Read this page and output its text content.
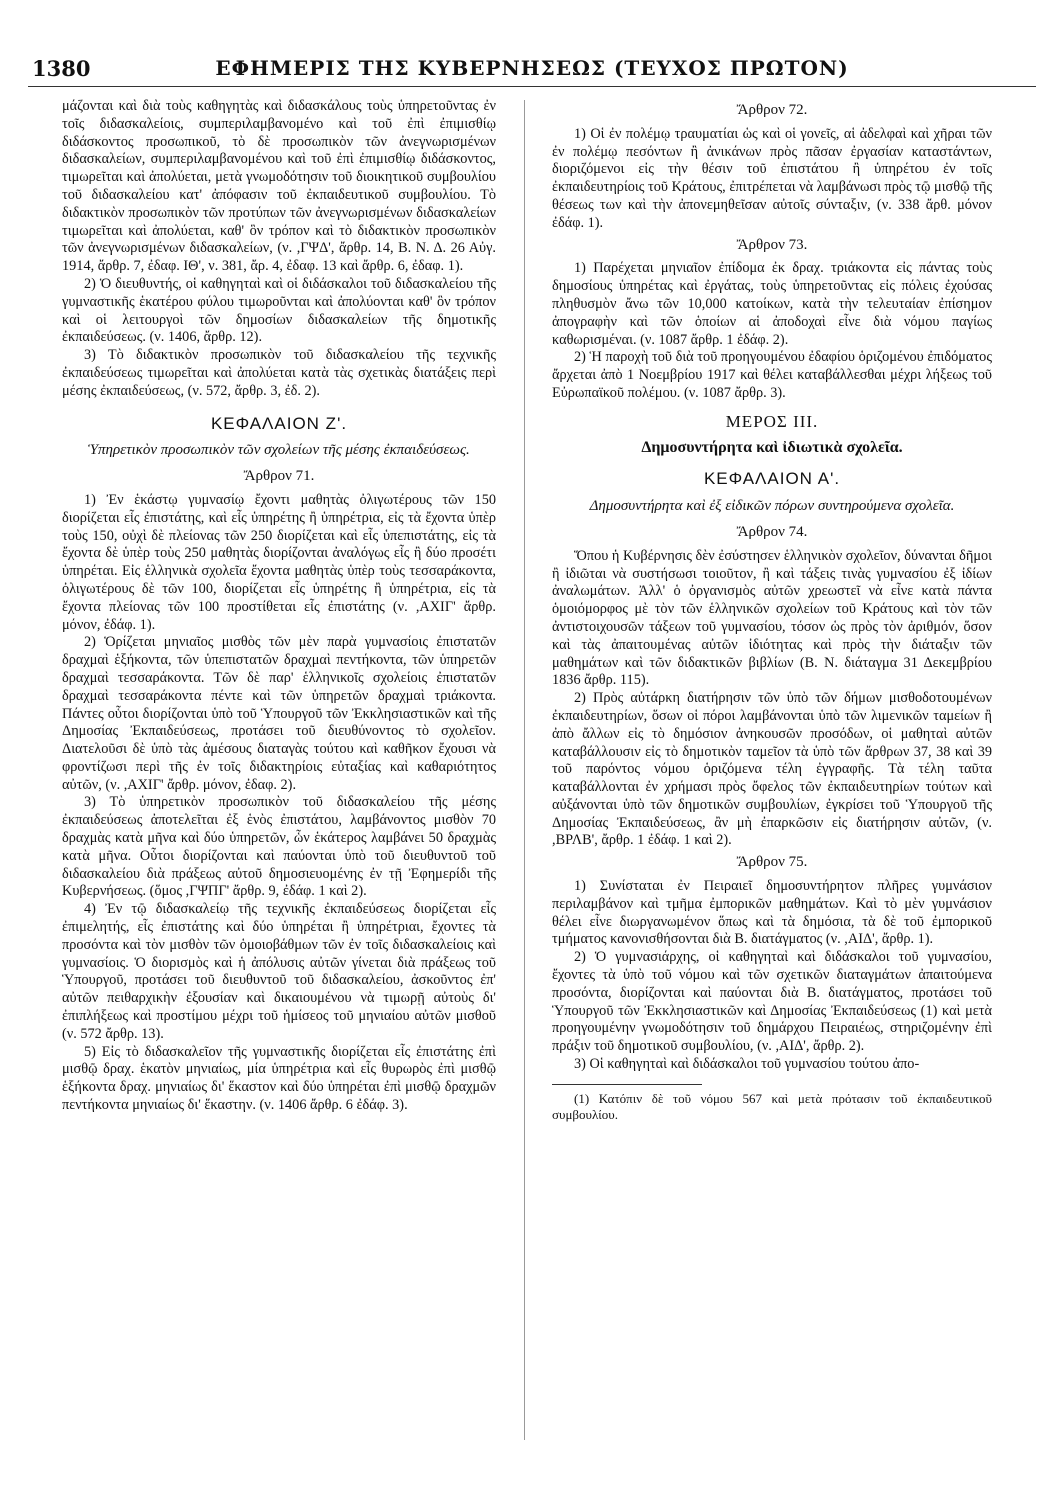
1380	ΕΦΗΜΕΡΙΣ ΤΗΣ ΚΥΒΕΡΝΗΣΕΩΣ (ΤΕΥΧΟΣ ΠΡΩΤΟΝ)

μάζονται καὶ διὰ τοὺς καθηγητὰς καὶ διδασκάλους τοὺς ὑπηρετοῦντας ἐν τοῖς διδασκαλείοις, συμπεριλαμβανομένο καὶ τοῦ ἐπὶ ἐπιμισθίῳ διδάσκοντος προσωπικοῦ, τὸ δὲ προσωπικὸν τῶν ἀνεγνωρισμένων διδασκαλείων, συμπεριλαμβανομένου καὶ τοῦ ἐπὶ ἐπιμισθίῳ διδάσκοντος, τιμωρεῖται καὶ ἀπολύεται, μετὰ γνωμοδότησιν τοῦ διοικητικοῦ συμβουλίου τοῦ διδασκαλείου κατ' ἀπόφασιν τοῦ ἐκπαιδευτικοῦ συμβουλίου. Τὸ διδακτικὸν προσωπικὸν τῶν προτύπων τῶν ἀνεγνωρισμένων διδασκαλείων τιμωρεῖται καὶ ἀπολύεται, καθ' ὃν τρόπον καὶ τὸ διδακτικὸν προσωπικὸν τῶν ἀνεγνωρισμένων διδασκαλείων, (ν. ,ΓΨΔ', ἄρθρ. 14, Β. Ν. Δ. 26 Αὐγ. 1914, ἄρθρ. 7, ἐδαφ. ΙΘ', ν. 381, ἄρ. 4, ἐδαφ. 13 καὶ ἄρθρ. 6, ἐδαφ. 1).

2) Ὁ διευθυντής, οἱ καθηγηταὶ καὶ οἱ διδάσκαλοι τοῦ διδασκαλείου τῆς γυμναστικῆς ἑκατέρου φύλου τιμωροῦνται καὶ ἀπολύονται καθ' ὃν τρόπον καὶ οἱ λειτουργοὶ τῶν δημοσίων διδασκαλείων τῆς δημοτικῆς ἐκπαιδεύσεως. (ν. 1406, ἄρθρ. 12).

3) Τὸ διδακτικὸν προσωπικὸν τοῦ διδασκαλείου τῆς τεχνικῆς ἐκπαιδεύσεως τιμωρεῖται καὶ ἀπολύεται κατὰ τὰς σχετικὰς διατάξεις περὶ μέσης ἐκπαιδεύσεως, (ν. 572, ἄρθρ. 3, ἐδ. 2).

ΚΕΦΑΛΑΙΟΝ Ζ'.
Ὑπηρετικὸν προσωπικὸν τῶν σχολείων τῆς μέσης ἐκπαιδεύσεως.
Ἄρθρον 71.

1) Ἐν ἑκάστῳ γυμνασίῳ ἔχοντι μαθητὰς ὀλιγωτέρους τῶν 150 διορίζεται εἷς ἐπιστάτης, καὶ εἷς ὑπηρέτης ἢ ὑπηρέτρια, εἰς τὰ ἔχοντα ὑπὲρ τοὺς 150, οὐχὶ δὲ πλείονας τῶν 250 διορίζεται καὶ εἷς ὑπεπιστάτης, εἰς τὰ ἔχοντα δὲ ὑπὲρ τοὺς 250 μαθητὰς διορίζονται ἀναλόγως εἷς ἢ δύο προσέτι ὑπηρέται. Εἰς ἑλληνικὰ σχολεῖα ἔχοντα μαθητὰς ὑπὲρ τοὺς τεσσαράκοντα, ὀλιγωτέρους δὲ τῶν 100, διορίζεται εἷς ὑπηρέτης ἢ ὑπηρέτρια, εἰς τὰ ἔχοντα πλείονας τῶν 100 προστίθεται εἷς ἐπιστάτης (ν. ,ΑΧΙΓ' ἄρθρ. μόνον, ἐδάφ. 1).

2) Ὁρίζεται μηνιαῖος μισθὸς τῶν μὲν παρὰ γυμνασίοις ἐπιστατῶν δραχμαὶ ἑξήκοντα, τῶν ὑπεπιστατῶν δραχμαὶ πεντήκοντα, τῶν ὑπηρετῶν δραχμαὶ τεσσαράκοντα. Τῶν δὲ παρ' ἑλληνικοῖς σχολείοις ἐπιστατῶν δραχμαὶ τεσσαράκοντα πέντε καὶ τῶν ὑπηρετῶν δραχμαὶ τριάκοντα. Πάντες οὗτοι διορίζονται ὑπὸ τοῦ Ὑπουργοῦ τῶν Ἐκκλησιαστικῶν καὶ τῆς Δημοσίας Ἐκπαιδεύσεως, προτάσει τοῦ διευθύνοντος τὸ σχολεῖον. Διατελοῦσι δὲ ὑπὸ τὰς ἀμέσους διαταγὰς τούτου καὶ καθῆκον ἔχουσι νὰ φροντίζωσι περὶ τῆς ἐν τοῖς διδακτηρίοις εὐταξίας καὶ καθαριότητος αὐτῶν, (ν. ,ΑΧΙΓ' ἄρθρ. μόνον, ἐδαφ. 2).

3) Τὸ ὑπηρετικὸν προσωπικὸν τοῦ διδασκαλείου τῆς μέσης ἐκπαιδεύσεως ἀποτελεῖται ἐξ ἑνὸς ἐπιστάτου, λαμβάνοντος μισθὸν 70 δραχμὰς κατὰ μῆνα καὶ δύο ὑπηρετῶν, ὧν ἑκάτερος λαμβάνει 50 δραχμὰς κατὰ μῆνα. Οὗτοι διορίζονται καὶ παύονται ὑπὸ τοῦ διευθυντοῦ τοῦ διδασκαλείου διὰ πράξεως αὐτοῦ δημοσιευομένης ἐν τῇ Ἐφημερίδι τῆς Κυβερνήσεως. (ὅμος ,ΓΨΠΓ' ἄρθρ. 9, ἐδάφ. 1 καὶ 2).

4) Ἐν τῷ διδασκαλείῳ τῆς τεχνικῆς ἐκπαιδεύσεως διορίζεται εἷς ἐπιμελητής, εἷς ἐπιστάτης καὶ δύο ὑπηρέται ἢ ὑπηρέτριαι, ἔχοντες τὰ προσόντα καὶ τὸν μισθὸν τῶν ὁμοιοβάθμων τῶν ἐν τοῖς διδασκαλείοις καὶ γυμνασίοις. Ὁ διορισμὸς καὶ ἡ ἀπόλυσις αὐτῶν γίνεται διὰ πράξεως τοῦ Ὑπουργοῦ, προτάσει τοῦ διευθυντοῦ τοῦ διδασκαλείου, ἀσκοῦντος ἐπ' αὐτῶν πειθαρχικὴν ἐξουσίαν καὶ δικαιουμένου νὰ τιμωρῇ αὐτοὺς δι' ἐπιπλήξεως καὶ προστίμου μέχρι τοῦ ἡμίσεος τοῦ μηνιαίου αὐτῶν μισθοῦ (ν. 572 ἄρθρ. 13).

5) Εἰς τὸ διδασκαλεῖον τῆς γυμναστικῆς διορίζεται εἷς ἐπιστάτης ἐπὶ μισθῷ δραχ. ἑκατὸν μηνιαίως, μία ὑπηρέτρια καὶ εἷς θυρωρὸς ἐπὶ μισθῷ ἑξήκοντα δραχ. μηνιαίως δι' ἕκαστον καὶ δύο ὑπηρέται ἐπὶ μισθῷ δραχμῶν πεντήκοντα μηνιαίως δι' ἕκαστην. (ν. 1406 ἄρθρ. 6 ἐδάφ. 3).

Ἄρθρον 72.

1) Οἱ ἐν πολέμῳ τραυματίαι ὡς καὶ οἱ γονεῖς, αἱ ἀδελφαὶ καὶ χῆραι τῶν ἐν πολέμῳ πεσόντων ἢ ἀνικάνων πρὸς πᾶσαν ἐργασίαν καταστάντων, διοριζόμενοι εἰς τὴν θέσιν τοῦ ἐπιστάτου ἢ ὑπηρέτου ἐν τοῖς ἐκπαιδευτηρίοις τοῦ Κράτους, ἐπιτρέπεται νὰ λαμβάνωσι πρὸς τῷ μισθῷ τῆς θέσεως των καὶ τὴν ἀπονεμηθεῖσαν αὐτοῖς σύνταξιν, (ν. 338 ἄρθ. μόνον ἐδάφ. 1).

Ἄρθρον 73.

1) Παρέχεται μηνιαῖον ἐπίδομα ἐκ δραχ. τριάκοντα εἰς πάντας τοὺς δημοσίους ὑπηρέτας καὶ ἐργάτας, τοὺς ὑπηρετοῦντας εἰς πόλεις ἐχούσας πληθυσμὸν ἄνω τῶν 10,000 κατοίκων, κατὰ τὴν τελευταίαν ἐπίσημον ἀπογραφὴν καὶ τῶν ὁποίων αἱ ἀποδοχαὶ εἶνε διὰ νόμου παγίως καθωρισμέναι. (ν. 1087 ἄρθρ. 1 ἐδάφ. 2).

2) Ἡ παροχὴ τοῦ διὰ τοῦ προηγουμένου ἐδαφίου ὁριζομένου ἐπιδόματος ἄρχεται ἀπὸ 1 Νοεμβρίου 1917 καὶ θέλει καταβάλλεσθαι μέχρι λήξεως τοῦ Εὐρωπαϊκοῦ πολέμου. (ν. 1087 ἄρθρ. 3).

ΜΕΡΟΣ ΙΙΙ.
Δημοσυντήρητα καὶ ἰδιωτικὰ σχολεῖα.
ΚΕΦΑΛΑΙΟΝ Α'.
Δημοσυντήρητα καὶ ἐξ εἰδικῶν πόρων συντηρούμενα σχολεῖα.
Ἄρθρον 74.

Ὅπου ἡ Κυβέρνησις δὲν ἐσύστησεν ἑλληνικὸν σχολεῖον, δύνανται δῆμοι ἢ ἰδιῶται νὰ συστήσωσι τοιοῦτον, ἢ καὶ τάξεις τινὰς γυμνασίου ἐξ ἰδίων ἀναλωμάτων. Ἀλλ' ὁ ὀργανισμὸς αὐτῶν χρεωστεῖ νὰ εἶνε κατὰ πάντα ὁμοιόμορφος μὲ τὸν τῶν ἑλληνικῶν σχολείων τοῦ Κράτους καὶ τὸν τῶν ἀντιστοιχουσῶν τάξεων τοῦ γυμνασίου, τόσον ὡς πρὸς τὸν ἀριθμόν, ὅσον καὶ τὰς ἀπαιτουμένας αὐτῶν ἰδιότητας καὶ πρὸς τὴν διάταξιν τῶν μαθημάτων καὶ τῶν διδακτικῶν βιβλίων (Β. Ν. διάταγμα 31 Δεκεμβρίου 1836 ἄρθρ. 115).

2) Πρὸς αὐτάρκη διατήρησιν τῶν ὑπὸ τῶν δήμων μισθοδοτουμένων ἐκπαιδευτηρίων, ὅσων οἱ πόροι λαμβάνονται ὑπὸ τῶν λιμενικῶν ταμείων ἢ ἀπὸ ἄλλων εἰς τὸ δημόσιον ἀνηκουσῶν προσόδων, οἱ μαθηταὶ αὐτῶν καταβάλλουσιν εἰς τὸ δημοτικὸν ταμεῖον τὰ ὑπὸ τῶν ἄρθρων 37, 38 καὶ 39 τοῦ παρόντος νόμου ὁριζόμενα τέλη ἐγγραφῆς. Τὰ τέλη ταῦτα καταβάλλονται ἐν χρήμασι πρὸς ὄφελος τῶν ἐκπαιδευτηρίων τούτων καὶ αὐξάνονται ὑπὸ τῶν δημοτικῶν συμβουλίων, ἐγκρίσει τοῦ Ὑπουργοῦ τῆς Δημοσίας Ἐκπαιδεύσεως, ἂν μὴ ἐπαρκῶσιν εἰς διατήρησιν αὐτῶν, (ν. ,ΒΡΛΒ', ἄρθρ. 1 ἐδάφ. 1 καὶ 2).

Ἄρθρον 75.

1) Συνίσταται ἐν Πειραιεῖ δημοσυντήρητον πλῆρες γυμνάσιον περιλαμβάνον καὶ τμῆμα ἐμπορικῶν μαθημάτων. Καὶ τὸ μὲν γυμνάσιον θέλει εἶνε διωργανωμένον ὅπως καὶ τὰ δημόσια, τὰ δὲ τοῦ ἐμπορικοῦ τμήματος κανονισθήσονται διὰ Β. διατάγματος (ν. ,ΑΙΔ', ἄρθρ. 1).

2) Ὁ γυμνασιάρχης, οἱ καθηγηταὶ καὶ διδάσκαλοι τοῦ γυμνασίου, ἔχοντες τὰ ὑπὸ τοῦ νόμου καὶ τῶν σχετικῶν διαταγμάτων ἀπαιτούμενα προσόντα, διορίζονται καὶ παύονται διὰ Β. διατάγματος, προτάσει τοῦ Ὑπουργοῦ τῶν Ἐκκλησιαστικῶν καὶ Δημοσίας Ἐκπαιδεύσεως (1) καὶ μετὰ προηγουμένην γνωμοδότησιν τοῦ δημάρχου Πειραιέως, στηριζομένην ἐπὶ πράξιν τοῦ δημοτικοῦ συμβουλίου, (ν. ,ΑΙΔ', ἄρθρ. 2).

3) Οἱ καθηγηταὶ καὶ διδάσκαλοι τοῦ γυμνασίου τούτου ἀπο-

(1) Κατόπιν δὲ τοῦ νόμου 567 καὶ μετὰ πρότασιν τοῦ ἐκπαιδευτικοῦ συμβουλίου.
